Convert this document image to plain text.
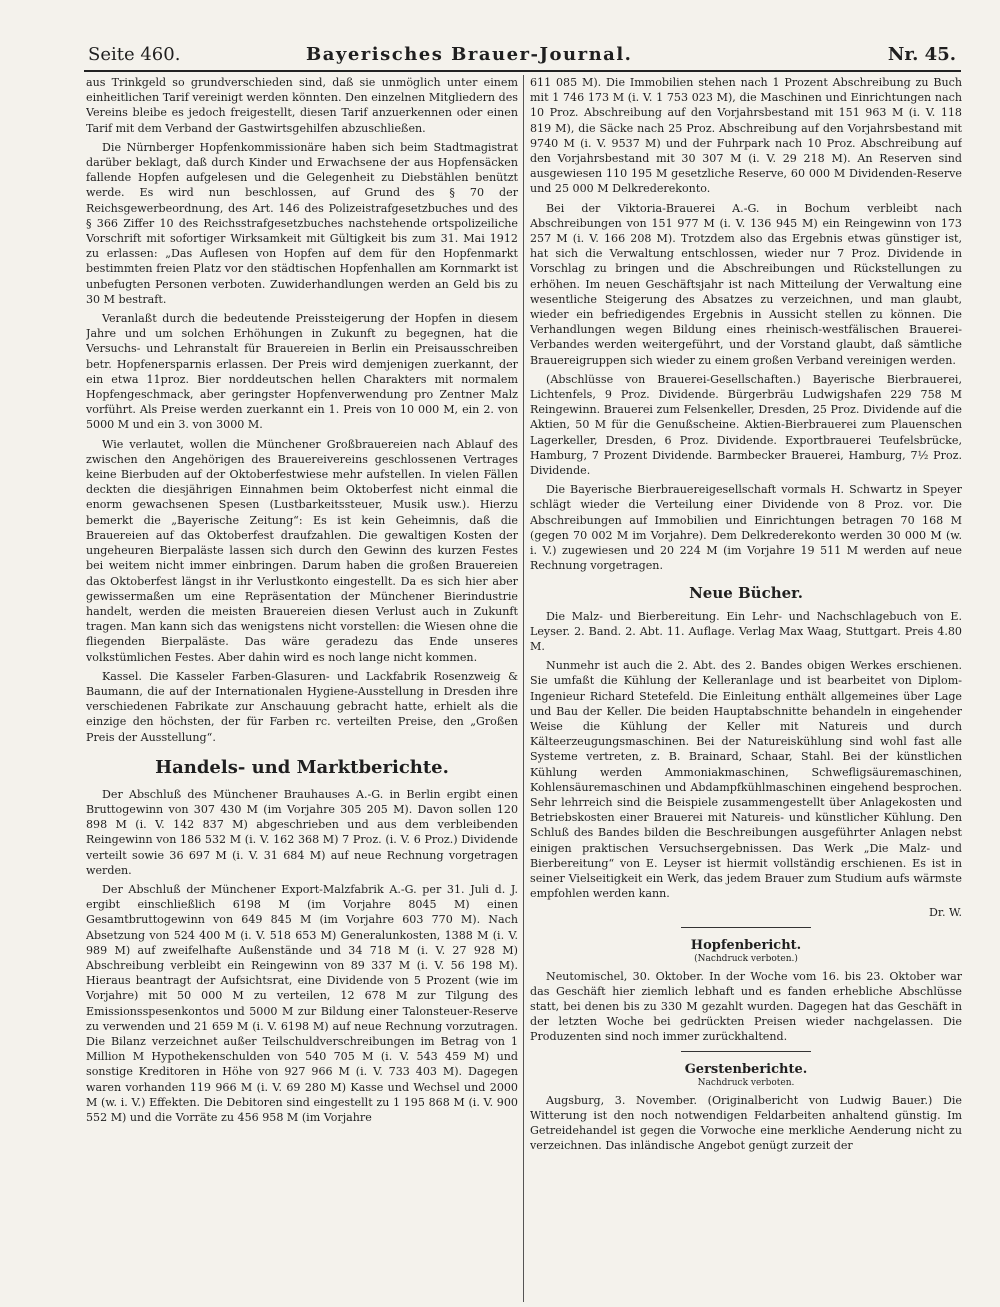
Seite 460.	Bayerisches Brauer-Journal.	Nr. 45.

aus Trinkgeld so grundverschieden sind, daß sie unmöglich unter einem einheitlichen Tarif vereinigt werden könnten. Den einzelnen Mitgliedern des Vereins bleibe es jedoch freigestellt, diesen Tarif anzuerkennen oder einen Tarif mit dem Verband der Gastwirtsgehilfen abzuschließen.

Die Nürnberger Hopfenkommissionäre haben sich beim Stadtmagistrat darüber beklagt, daß durch Kinder und Erwachsene der aus Hopfensäcken fallende Hopfen aufgelesen und die Gelegenheit zu Diebstählen benützt werde. Es wird nun beschlossen, auf Grund des § 70 der Reichsgewerbeordnung, des Art. 146 des Polizeistrafgesetzbuches und des § 366 Ziffer 10 des Reichsstrafgesetzbuches nachstehende ortspolizeiliche Vorschrift mit sofortiger Wirksamkeit mit Gültigkeit bis zum 31. Mai 1912 zu erlassen: „Das Auflesen von Hopfen auf dem für den Hopfenmarkt bestimmten freien Platz vor den städtischen Hopfenhallen am Kornmarkt ist unbefugten Personen verboten. Zuwiderhandlungen werden an Geld bis zu 30 M bestraft.

Veranlaßt durch die bedeutende Preissteigerung der Hopfen in diesem Jahre und um solchen Erhöhungen in Zukunft zu begegnen, hat die Versuchs- und Lehranstalt für Brauereien in Berlin ein Preisausschreiben betr. Hopfenersparnis erlassen. Der Preis wird demjenigen zuerkannt, der ein etwa 11proz. Bier norddeutschen hellen Charakters mit normalem Hopfengeschmack, aber geringster Hopfenverwendung pro Zentner Malz vorführt. Als Preise werden zuerkannt ein 1. Preis von 10 000 M, ein 2. von 5000 M und ein 3. von 3000 M.

Wie verlautet, wollen die Münchener Großbrauereien nach Ablauf des zwischen den Angehörigen des Brauereivereins geschlossenen Vertrages keine Bierbuden auf der Oktoberfestwiese mehr aufstellen. In vielen Fällen deckten die diesjährigen Einnahmen beim Oktoberfest nicht einmal die enorm gewachsenen Spesen (Lustbarkeitssteuer, Musik usw.). Hierzu bemerkt die „Bayerische Zeitung“: Es ist kein Geheimnis, daß die Brauereien auf das Oktoberfest draufzahlen. Die gewaltigen Kosten der ungeheuren Bierpaläste lassen sich durch den Gewinn des kurzen Festes bei weitem nicht immer einbringen. Darum haben die großen Brauereien das Oktoberfest längst in ihr Verlustkonto eingestellt. Da es sich hier aber gewissermaßen um eine Repräsentation der Münchener Bierindustrie handelt, werden die meisten Brauereien diesen Verlust auch in Zukunft tragen. Man kann sich das wenigstens nicht vorstellen: die Wiesen ohne die fliegenden Bierpaläste. Das wäre geradezu das Ende unseres volkstümlichen Festes. Aber dahin wird es noch lange nicht kommen.

Kassel. Die Kasseler Farben-Glasuren- und Lackfabrik Rosenzweig & Baumann, die auf der Internationalen Hygiene-Ausstellung in Dresden ihre verschiedenen Fabrikate zur Anschauung gebracht hatte, erhielt als die einzige den höchsten, der für Farben rc. verteilten Preise, den „Großen Preis der Ausstellung“.

Handels- und Marktberichte.

Der Abschluß des Münchener Brauhauses A.-G. in Berlin ergibt einen Bruttogewinn von 307 430 M (im Vorjahre 305 205 M). Davon sollen 120 898 M (i. V. 142 837 M) abgeschrieben und aus dem verbleibenden Reingewinn von 186 532 M (i. V. 162 368 M) 7 Proz. (i. V. 6 Proz.) Dividende verteilt sowie 36 697 M (i. V. 31 684 M) auf neue Rechnung vorgetragen werden.

Der Abschluß der Münchener Export-Malzfabrik A.-G. per 31. Juli d. J. ergibt einschließlich 6198 M (im Vorjahre 8045 M) einen Gesamtbruttogewinn von 649 845 M (im Vorjahre 603 770 M). Nach Absetzung von 524 400 M (i. V. 518 653 M) Generalunkosten, 1388 M (i. V. 989 M) auf zweifelhafte Außenstände und 34 718 M (i. V. 27 928 M) Abschreibung verbleibt ein Reingewinn von 89 337 M (i. V. 56 198 M). Hieraus beantragt der Aufsichtsrat, eine Dividende von 5 Prozent (wie im Vorjahre) mit 50 000 M zu verteilen, 12 678 M zur Tilgung des Emissionsspesenkontos und 5000 M zur Bildung einer Talonsteuer-Reserve zu verwenden und 21 659 M (i. V. 6198 M) auf neue Rechnung vorzutragen. Die Bilanz verzeichnet außer Teilschuldverschreibungen im Betrag von 1 Million M Hypothekenschulden von 540 705 M (i. V. 543 459 M) und sonstige Kreditoren in Höhe von 927 966 M (i. V. 733 403 M). Dagegen waren vorhanden 119 966 M (i. V. 69 280 M) Kasse und Wechsel und 2000 M (w. i. V.) Effekten. Die Debitoren sind eingestellt zu 1 195 868 M (i. V. 900 552 M) und die Vorräte zu 456 958 M (im Vorjahre

611 085 M). Die Immobilien stehen nach 1 Prozent Abschreibung zu Buch mit 1 746 173 M (i. V. 1 753 023 M), die Maschinen und Einrichtungen nach 10 Proz. Abschreibung auf den Vorjahrsbestand mit 151 963 M (i. V. 118 819 M), die Säcke nach 25 Proz. Abschreibung auf den Vorjahrsbestand mit 9740 M (i. V. 9537 M) und der Fuhrpark nach 10 Proz. Abschreibung auf den Vorjahrsbestand mit 30 307 M (i. V. 29 218 M). An Reserven sind ausgewiesen 110 195 M gesetzliche Reserve, 60 000 M Dividenden-Reserve und 25 000 M Delkrederekonto.

Bei der Viktoria-Brauerei A.-G. in Bochum verbleibt nach Abschreibungen von 151 977 M (i. V. 136 945 M) ein Reingewinn von 173 257 M (i. V. 166 208 M). Trotzdem also das Ergebnis etwas günstiger ist, hat sich die Verwaltung entschlossen, wieder nur 7 Proz. Dividende in Vorschlag zu bringen und die Abschreibungen und Rückstellungen zu erhöhen. Im neuen Geschäftsjahr ist nach Mitteilung der Verwaltung eine wesentliche Steigerung des Absatzes zu verzeichnen, und man glaubt, wieder ein befriedigendes Ergebnis in Aussicht stellen zu können. Die Verhandlungen wegen Bildung eines rheinisch-westfälischen Brauerei-Verbandes werden weitergeführt, und der Vorstand glaubt, daß sämtliche Brauereigruppen sich wieder zu einem großen Verband vereinigen werden.

(Abschlüsse von Brauerei-Gesellschaften.) Bayerische Bierbrauerei, Lichtenfels, 9 Proz. Dividende. Bürgerbräu Ludwigshafen 229 758 M Reingewinn. Brauerei zum Felsenkeller, Dresden, 25 Proz. Dividende auf die Aktien, 50 M für die Genußscheine. Aktien-Bierbrauerei zum Plauenschen Lagerkeller, Dresden, 6 Proz. Dividende. Exportbrauerei Teufelsbrücke, Hamburg, 7 Prozent Dividende. Barmbecker Brauerei, Hamburg, 7½ Proz. Dividende.

Die Bayerische Bierbrauereigesellschaft vormals H. Schwartz in Speyer schlägt wieder die Verteilung einer Dividende von 8 Proz. vor. Die Abschreibungen auf Immobilien und Einrichtungen betragen 70 168 M (gegen 70 002 M im Vorjahre). Dem Delkrederekonto werden 30 000 M (w. i. V.) zugewiesen und 20 224 M (im Vorjahre 19 511 M werden auf neue Rechnung vorgetragen.

Neue Bücher.

Die Malz- und Bierbereitung. Ein Lehr- und Nachschlagebuch von E. Leyser. 2. Band. 2. Abt. 11. Auflage. Verlag Max Waag, Stuttgart. Preis 4.80 M.

Nunmehr ist auch die 2. Abt. des 2. Bandes obigen Werkes erschienen. Sie umfaßt die Kühlung der Kelleranlage und ist bearbeitet von Diplom-Ingenieur Richard Stetefeld. Die Einleitung enthält allgemeines über Lage und Bau der Keller. Die beiden Hauptabschnitte behandeln in eingehender Weise die Kühlung der Keller mit Natureis und durch Kälteerzeugungsmaschinen. Bei der Natureiskühlung sind wohl fast alle Systeme vertreten, z. B. Brainard, Schaar, Stahl. Bei der künstlichen Kühlung werden Ammoniakmaschinen, Schwefligsäuremaschinen, Kohlensäuremaschinen und Abdampfkühlmaschinen eingehend besprochen. Sehr lehrreich sind die Beispiele zusammengestellt über Anlagekosten und Betriebskosten einer Brauerei mit Natureis- und künstlicher Kühlung. Den Schluß des Bandes bilden die Beschreibungen ausgeführter Anlagen nebst einigen praktischen Versuchsergebnissen. Das Werk „Die Malz- und Bierbereitung“ von E. Leyser ist hiermit vollständig erschienen. Es ist in seiner Vielseitigkeit ein Werk, das jedem Brauer zum Studium aufs wärmste empfohlen werden kann.

Dr. W.

Hopfenbericht.
(Nachdruck verboten.)

Neutomischel, 30. Oktober. In der Woche vom 16. bis 23. Oktober war das Geschäft hier ziemlich lebhaft und es fanden erhebliche Abschlüsse statt, bei denen bis zu 330 M gezahlt wurden. Dagegen hat das Geschäft in der letzten Woche bei gedrückten Preisen wieder nachgelassen. Die Produzenten sind noch immer zurückhaltend.

Gerstenberichte.
Nachdruck verboten.

Augsburg, 3. November. (Originalbericht von Ludwig Bauer.) Die Witterung ist den noch notwendigen Feldarbeiten anhaltend günstig. Im Getreidehandel ist gegen die Vorwoche eine merkliche Aenderung nicht zu verzeichnen. Das inländische Angebot genügt zurzeit der
